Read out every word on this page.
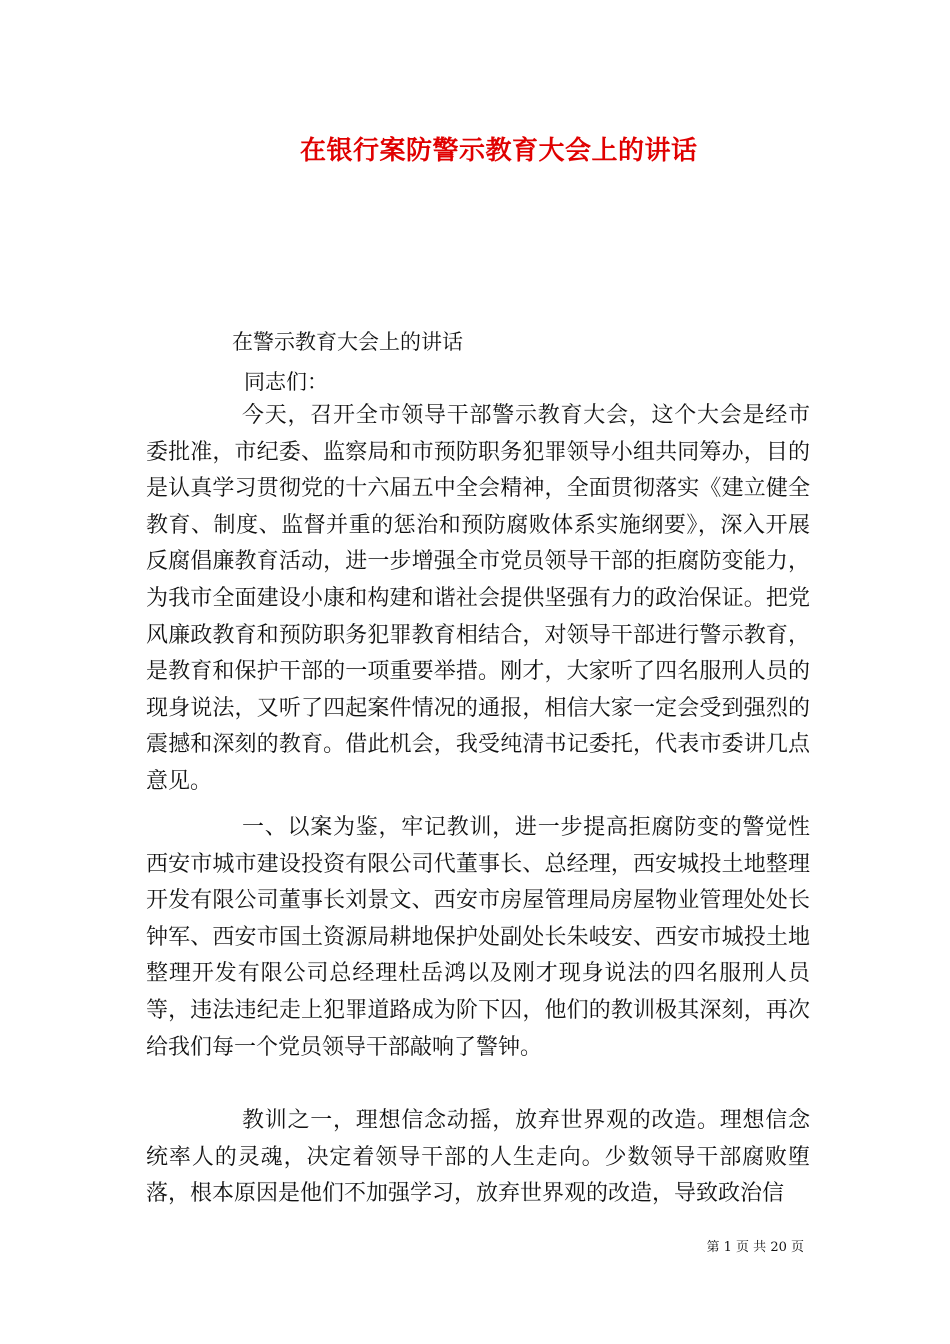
在银行案防警示教育大会上的讲话
在警示教育大会上的讲话
同志们：

今天，召开全市领导干部警示教育大会，这个大会是经市委批准，市纪委、监察局和市预防职务犯罪领导小组共同筹办，目的是认真学习贯彻党的十六届五中全会精神，全面贯彻落实《建立健全教育、制度、监督并重的惩治和预防腐败体系实施纲要》，深入开展反腐倡廉教育活动，进一步增强全市党员领导干部的拒腐防变能力，为我市全面建设小康和构建和谐社会提供坚强有力的政治保证。把党风廉政教育和预防职务犯罪教育相结合，对领导干部进行警示教育，是教育和保护干部的一项重要举措。刚才，大家听了四名服刑人员的现身说法，又听了四起案件情况的通报，相信大家一定会受到强烈的震撼和深刻的教育。借此机会，我受纯清书记委托，代表市委讲几点意见。

一、以案为鉴，牢记教训，进一步提高拒腐防变的警觉性西安市城市建设投资有限公司代董事长、总经理，西安城投土地整理开发有限公司董事长刘景文、西安市房屋管理局房屋物业管理处处长钟军、西安市国土资源局耕地保护处副处长朱岐安、西安市城投土地整理开发有限公司总经理杜岳鸿以及刚才现身说法的四名服刑人员等，违法违纪走上犯罪道路成为阶下囚，他们的教训极其深刻，再次给我们每一个党员领导干部敲响了警钟。

教训之一，理想信念动摇，放弃世界观的改造。理想信念统率人的灵魂，决定着领导干部的人生走向。少数领导干部腐败堕落，根本原因是他们不加强学习，放弃世界观的改造，导致政治信

第 1 页 共 20 页
